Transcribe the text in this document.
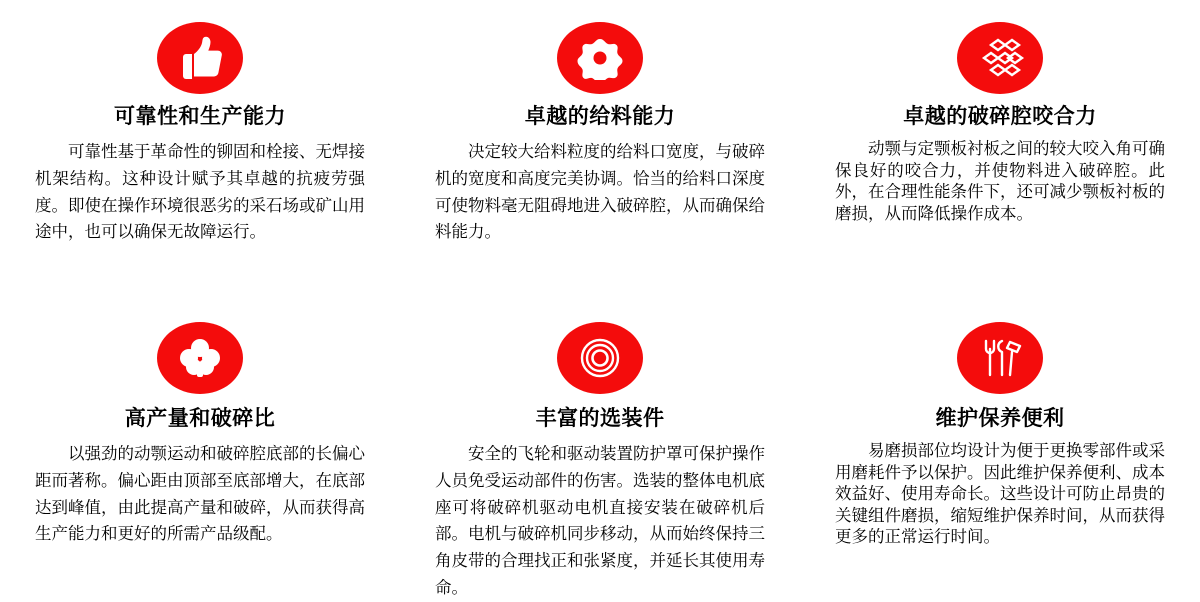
可靠性和生产能力
可靠性基于革命性的铆固和栓接、无焊接机架结构。这种设计赋予其卓越的抗疲劳强度。即使在操作环境很恶劣的采石场或矿山用途中，也可以确保无故障运行。
卓越的给料能力
决定较大给料粒度的给料口宽度，与破碎机的宽度和高度完美协调。恰当的给料口深度可使物料毫无阻碍地进入破碎腔，从而确保给料能力。
卓越的破碎腔咬合力
动颚与定颚板衬板之间的较大咬入角可确保良好的咬合力，并使物料进入破碎腔。此外，在合理性能条件下，还可减少颚板衬板的磨损，从而降低操作成本。
高产量和破碎比
以强劲的动颚运动和破碎腔底部的长偏心距而著称。偏心距由顶部至底部增大，在底部达到峰值，由此提高产量和破碎，从而获得高生产能力和更好的所需产品级配。
丰富的选装件
安全的飞轮和驱动装置防护罩可保护操作人员免受运动部件的伤害。选装的整体电机底座可将破碎机驱动电机直接安装在破碎机后部。电机与破碎机同步移动，从而始终保持三角皮带的合理找正和张紧度，并延长其使用寿命。
维护保养便利
易磨损部位均设计为便于更换零部件或采用磨耗件予以保护。因此维护保养便利、成本效益好、使用寿命长。这些设计可防止昂贵的关键组件磨损，缩短维护保养时间，从而获得更多的正常运行时间。
